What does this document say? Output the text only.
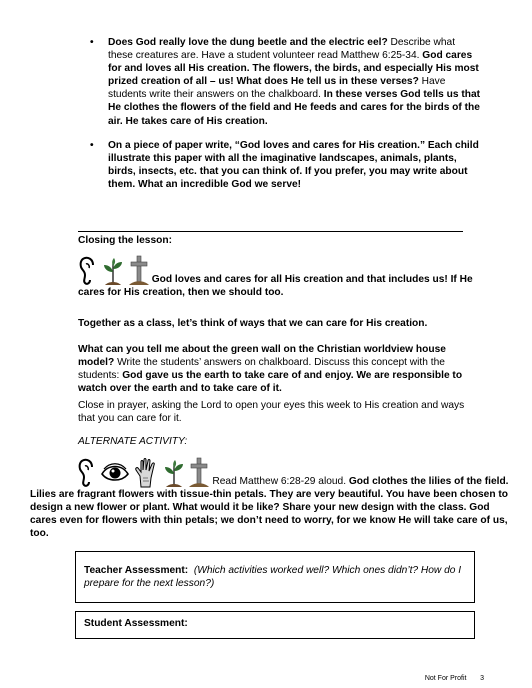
• Does God really love the dung beetle and the electric eel? Describe what these creatures are. Have a student volunteer read Matthew 6:25-34. God cares for and loves all His creation. The flowers, the birds, and especially His most prized creation of all – us! What does He tell us in these verses? Have students write their answers on the chalkboard. In these verses God tells us that He clothes the flowers of the field and He feeds and cares for the birds of the air. He takes care of His creation.
• On a piece of paper write, “God loves and cares for His creation.” Each child illustrate this paper with all the imaginative landscapes, animals, plants, birds, insects, etc. that you can think of. If you prefer, you may write about them. What an incredible God we serve!
Closing the lesson:
God loves and cares for all His creation and that includes us! If He cares for His creation, then we should too.
Together as a class, let’s think of ways that we can care for His creation.
What can you tell me about the green wall on the Christian worldview house model? Write the students’ answers on chalkboard. Discuss this concept with the students: God gave us the earth to take care of and enjoy. We are responsible to watch over the earth and to take care of it.
Close in prayer, asking the Lord to open your eyes this week to His creation and ways that you can care for it.
ALTERNATE ACTIVITY:
Read Matthew 6:28-29 aloud. God clothes the lilies of the field. Lilies are fragrant flowers with tissue-thin petals. They are very beautiful. You have been chosen to design a new flower or plant. What would it be like? Share your new design with the class. God cares even for flowers with thin petals; we don’t need to worry, for we know He will take care of us, too.
Teacher Assessment: (Which activities worked well? Which ones didn’t? How do I prepare for the next lesson?)
Student Assessment:
Not For Profit 3
